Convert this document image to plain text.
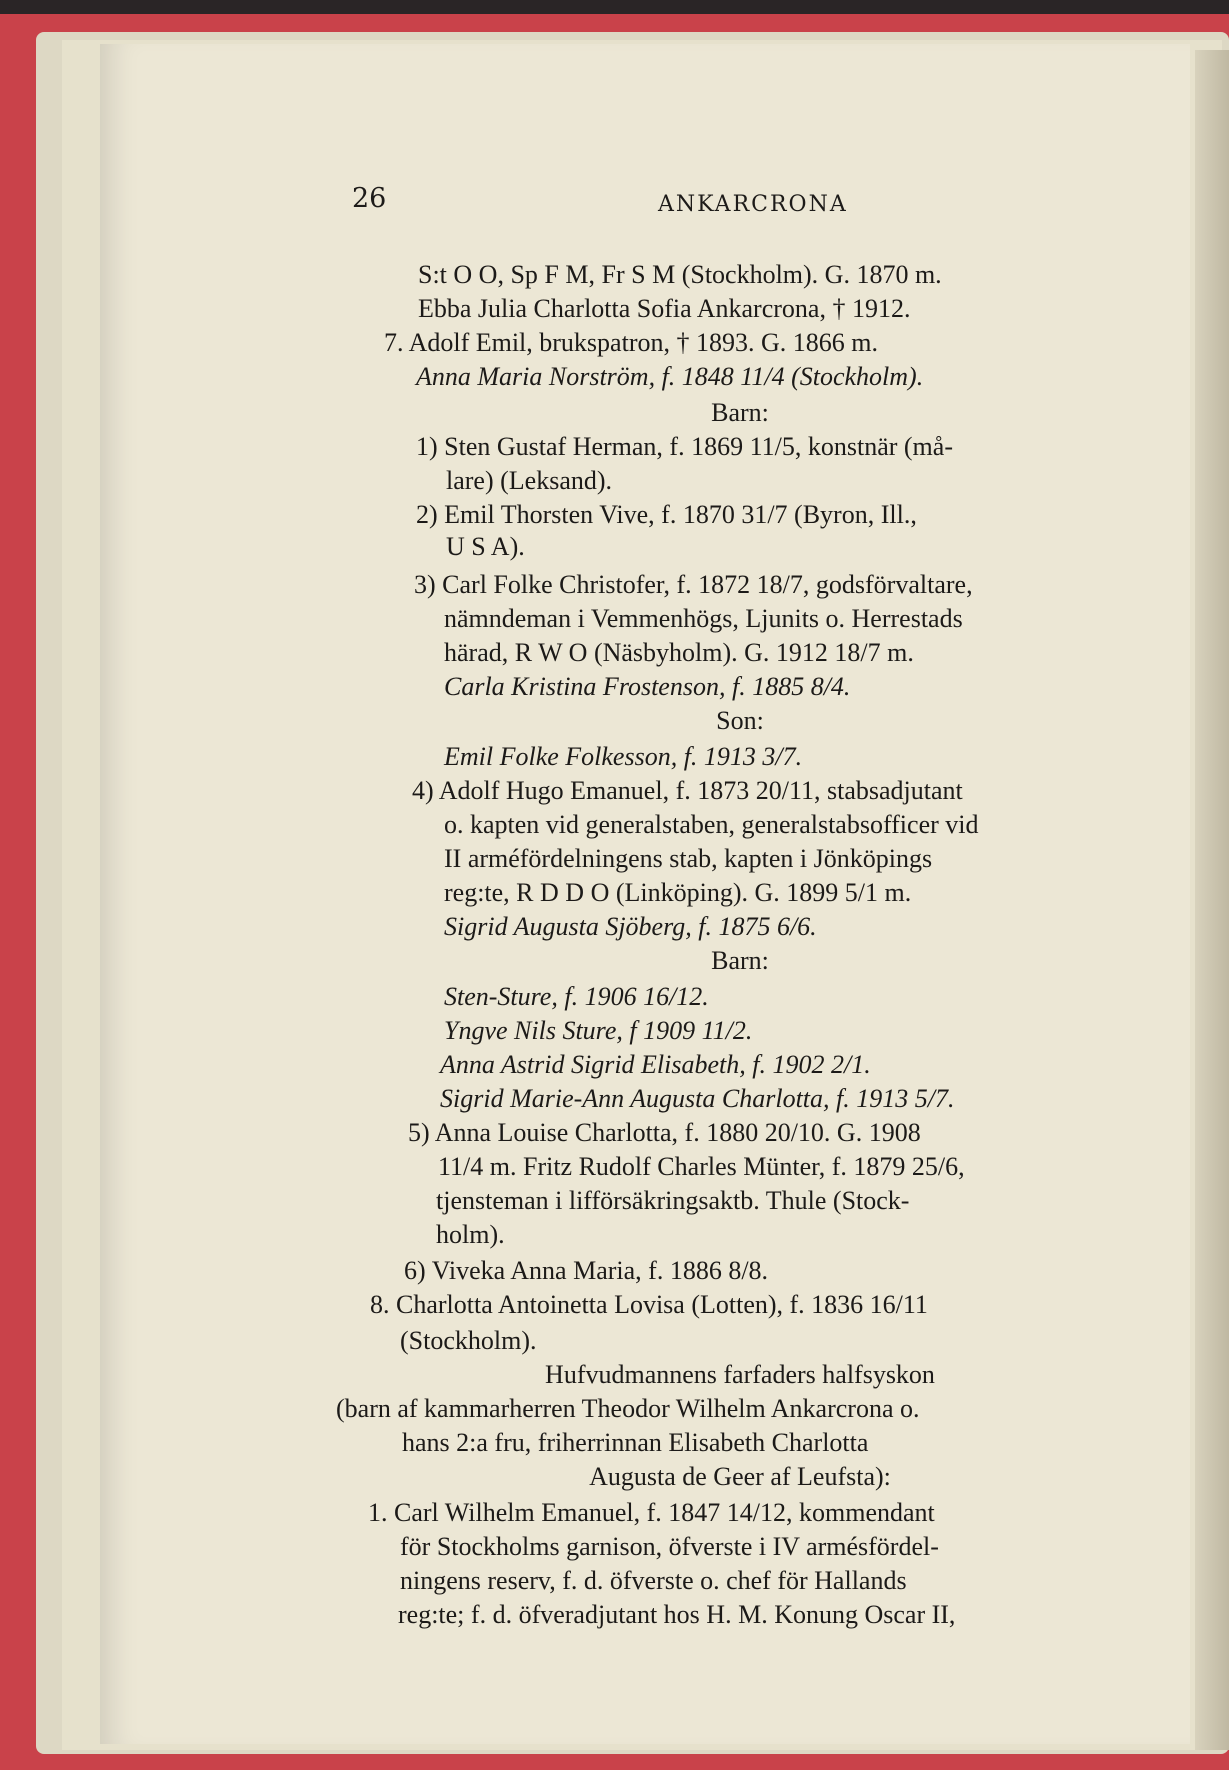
26	ANKARCRONA
S:t O O, Sp F M, Fr S M (Stockholm). G. 1870 m.
Ebba Julia Charlotta Sofia Ankarcrona, † 1912.
7. Adolf Emil, brukspatron, † 1893. G. 1866 m.
Anna Maria Norström, f. 1848 11/4 (Stockholm).
Barn:
1) Sten Gustaf Herman, f. 1869 11/5, konstnär (må-
lare) (Leksand).
2) Emil Thorsten Vive, f. 1870 31/7 (Byron, Ill.,
U S A).
3) Carl Folke Christofer, f. 1872 18/7, godsförvaltare,
nämndeman i Vemmenhögs, Ljunits o. Herrestads
härad, R W O (Näsbyholm). G. 1912 18/7 m.
Carla Kristina Frostenson, f. 1885 8/4.
Son:
Emil Folke Folkesson, f. 1913 3/7.
4) Adolf Hugo Emanuel, f. 1873 20/11, stabsadjutant
o. kapten vid generalstaben, generalstabsofficer vid
II arméfördelningens stab, kapten i Jönköpings
reg:te, R D D O (Linköping). G. 1899 5/1 m.
Sigrid Augusta Sjöberg, f. 1875 6/6.
Barn:
Sten-Sture, f. 1906 16/12.
Yngve Nils Sture, f 1909 11/2.
Anna Astrid Sigrid Elisabeth, f. 1902 2/1.
Sigrid Marie-Ann Augusta Charlotta, f. 1913 5/7.
5) Anna Louise Charlotta, f. 1880 20/10. G. 1908
11/4 m. Fritz Rudolf Charles Münter, f. 1879 25/6,
tjensteman i lifförsäkringsaktb. Thule (Stock-
holm).
6) Viveka Anna Maria, f. 1886 8/8.
8. Charlotta Antoinetta Lovisa (Lotten), f. 1836 16/11
(Stockholm).
Hufvudmannens farfaders halfsyskon
(barn af kammarherren Theodor Wilhelm Ankarcrona o.
hans 2:a fru, friherrinnan Elisabeth Charlotta
Augusta de Geer af Leufsta):
1. Carl Wilhelm Emanuel, f. 1847 14/12, kommendant
för Stockholms garnison, öfverste i IV armésfördel-
ningens reserv, f. d. öfverste o. chef för Hallands
reg:te; f. d. öfveradjutant hos H. M. Konung Oscar II,
